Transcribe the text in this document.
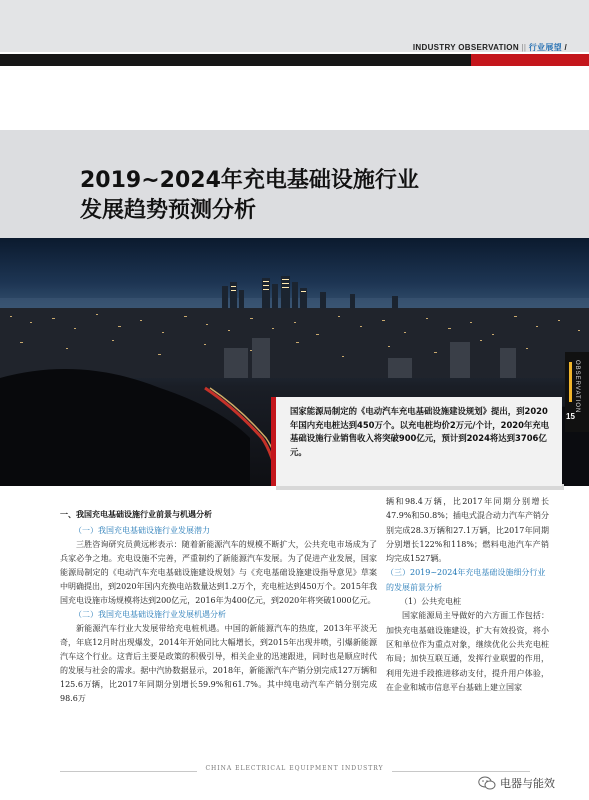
INDUSTRY OBSERVATION || 行业展望 /
2019~2024年充电基础设施行业
发展趋势预测分析
OBSERVATION
15
国家能源局制定的《电动汽车充电基础设施建设规划》提出，到2020年国内充电桩达到450万个。以充电桩均价2万元/个计，2020年充电基础设施行业销售收入将突破900亿元，预计到2024将达到3706亿元。
一、我国充电基础设施行业前景与机遇分析
（一）我国充电基础设施行业发展潜力
三胜咨询研究员黄远彬表示：随着新能源汽车的规模不断扩大，公共充电市场成为了兵家必争之地。充电设施不完善，严重制约了新能源汽车发展。为了促进产业发展，国家能源局制定的《电动汽车充电基础设施建设规划》与《充电基础设施建设指导意见》草案中明确提出，到2020年国内充换电站数量达到1.2万个，充电桩达到450万个。2015年我国充电设施市场规模将达到200亿元，2016年为400亿元，到2020年将突破1000亿元。
（二）我国充电基础设施行业发展机遇分析
新能源汽车行业大发展带给充电桩机遇。中国的新能源汽车的热度，2013年平淡无奇，年底12月时出现爆发，2014年开始同比大幅增长，到2015年出现井喷，引爆新能源汽车这个行业。这背后主要是政策的积极引导，相关企业的迅速跟进，同时也是顺应时代的发展与社会的需求。据中汽协数据显示，2018年，新能源汽车产销分别完成127万辆和125.6万辆，比2017年同期分别增长59.9%和61.7%。其中纯电动汽车产销分别完成98.6万
辆和98.4万辆，比2017年同期分别增长47.9%和50.8%；插电式混合动力汽车产销分别完成28.3万辆和27.1万辆，比2017年同期分别增长122%和118%；燃料电池汽车产销均完成1527辆。
（三）2019~2024年充电基础设施细分行业的发展前景分析
（1）公共充电桩
国家能源局主导做好的六方面工作包括：加快充电基础设施建设，扩大有效投资，将小区和单位作为重点对象，继续优化公共充电桩布局；加快互联互通，发挥行业联盟的作用，利用先进手段推进移动支付，提升用户体验，在企业和城市信息平台基础上建立国家
CHINA ELECTRICAL EQUIPMENT INDUSTRY
电器与能效
